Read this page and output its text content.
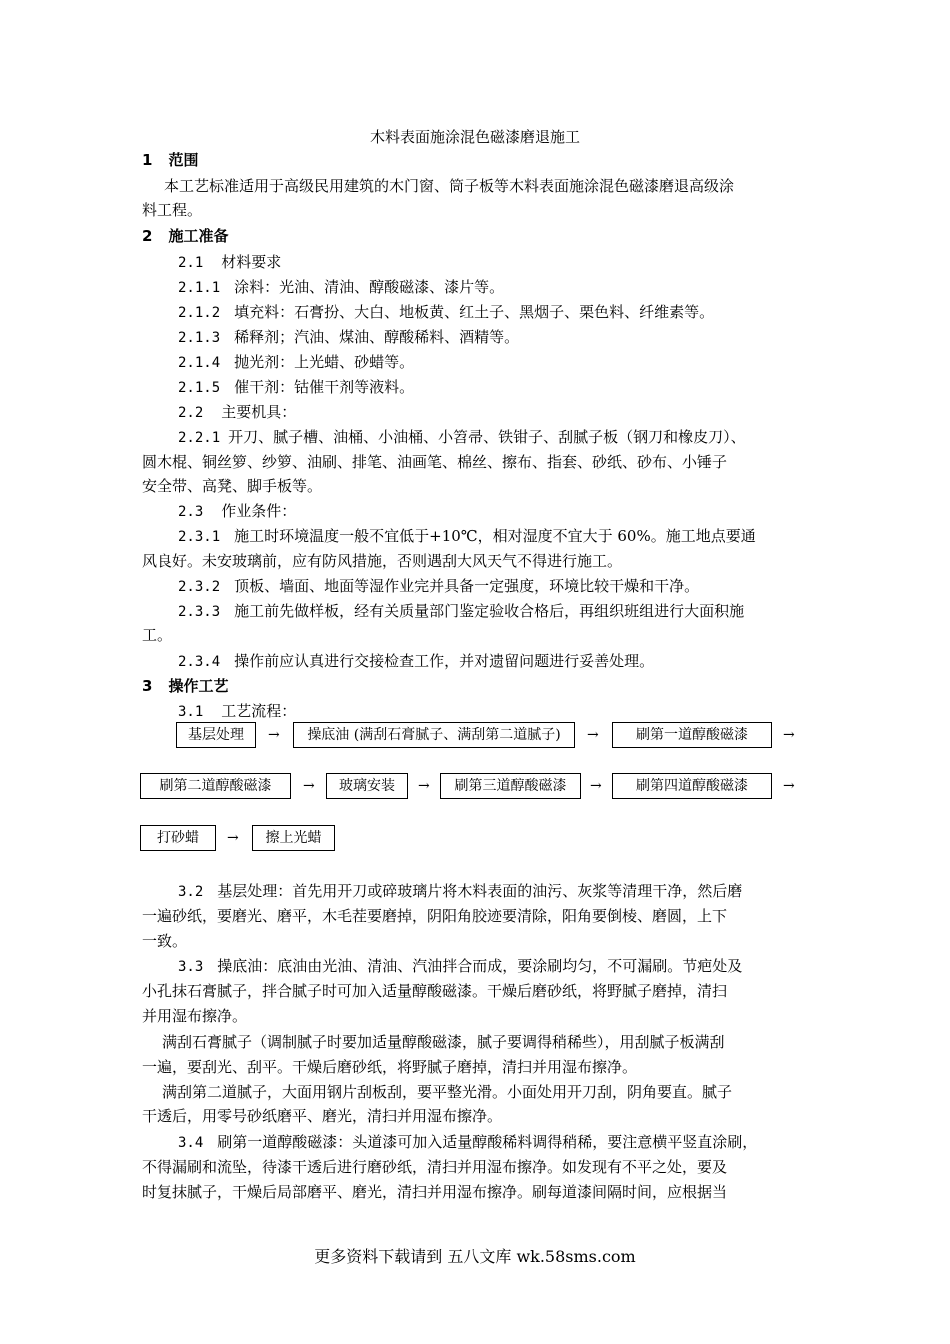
木料表面施涂混色磁漆磨退施工
1 范围
本工艺标准适用于高级民用建筑的木门窗、筒子板等木料表面施涂混色磁漆磨退高级涂
料工程。
2 施工准备
2.1 材料要求
2.1.1 涂料：光油、清油、醇酸磁漆、漆片等。
2.1.2 填充料：石膏扮、大白、地板黄、红土子、黑烟子、栗色料、纤维素等。
2.1.3 稀释剂；汽油、煤油、醇酸稀料、酒精等。
2.1.4 抛光剂：上光蜡、砂蜡等。
2.1.5 催干剂：钴催干剂等液料。
2.2 主要机具：
2.2.1 开刀、腻子槽、油桶、小油桶、小笤帚、铁钳子、刮腻子板（钢刀和橡皮刀）、
圆木棍、铜丝箩、纱箩、油刷、排笔、油画笔、棉丝、擦布、指套、砂纸、砂布、小锤子
安全带、高凳、脚手板等。
2.3 作业条件：
2.3.1 施工时环境温度一般不宜低于+10℃，相对湿度不宜大于 60%。施工地点要通
风良好。未安玻璃前，应有防风措施，否则遇刮大风天气不得进行施工。
2.3.2 顶板、墙面、地面等湿作业完并具备一定强度，环境比较干燥和干净。
2.3.3 施工前先做样板，经有关质量部门鉴定验收合格后，再组织班组进行大面积施
工。
2.3.4 操作前应认真进行交接检查工作，并对遗留问题进行妥善处理。
3 操作工艺
3.1 工艺流程：
基层处理	→	操底油 (满刮石膏腻子、满刮第二道腻子)	→	刷第一道醇酸磁漆	→
刷第二道醇酸磁漆	→	玻璃安装	→	刷第三道醇酸磁漆	→	刷第四道醇酸磁漆	→
打砂蜡	→	擦上光蜡
3.2 基层处理：首先用开刀或碎玻璃片将木料表面的油污、灰浆等清理干净，然后磨
一遍砂纸，要磨光、磨平，木毛茬要磨掉，阴阳角胶迹要清除，阳角要倒棱、磨圆，上下
一致。
3.3 操底油：底油由光油、清油、汽油拌合而成，要涂刷均匀，不可漏刷。节疤处及
小孔抹石膏腻子，拌合腻子时可加入适量醇酸磁漆。干燥后磨砂纸，将野腻子磨掉，清扫
并用湿布擦净。
满刮石膏腻子（调制腻子时要加适量醇酸磁漆，腻子要调得稍稀些），用刮腻子板满刮
一遍，要刮光、刮平。干燥后磨砂纸，将野腻子磨掉，清扫并用湿布擦净。
满刮第二道腻子，大面用钢片刮板刮，要平整光滑。小面处用开刀刮，阴角要直。腻子
干透后，用零号砂纸磨平、磨光，清扫并用湿布擦净。
3.4 刷第一道醇酸磁漆：头道漆可加入适量醇酸稀料调得稍稀，要注意横平竖直涂刷，
不得漏刷和流坠，待漆干透后进行磨砂纸，清扫并用湿布擦净。如发现有不平之处，要及
时复抹腻子，干燥后局部磨平、磨光，清扫并用湿布擦净。刷每道漆间隔时间，应根据当
更多资料下载请到 五八文库 wk.58sms.com
